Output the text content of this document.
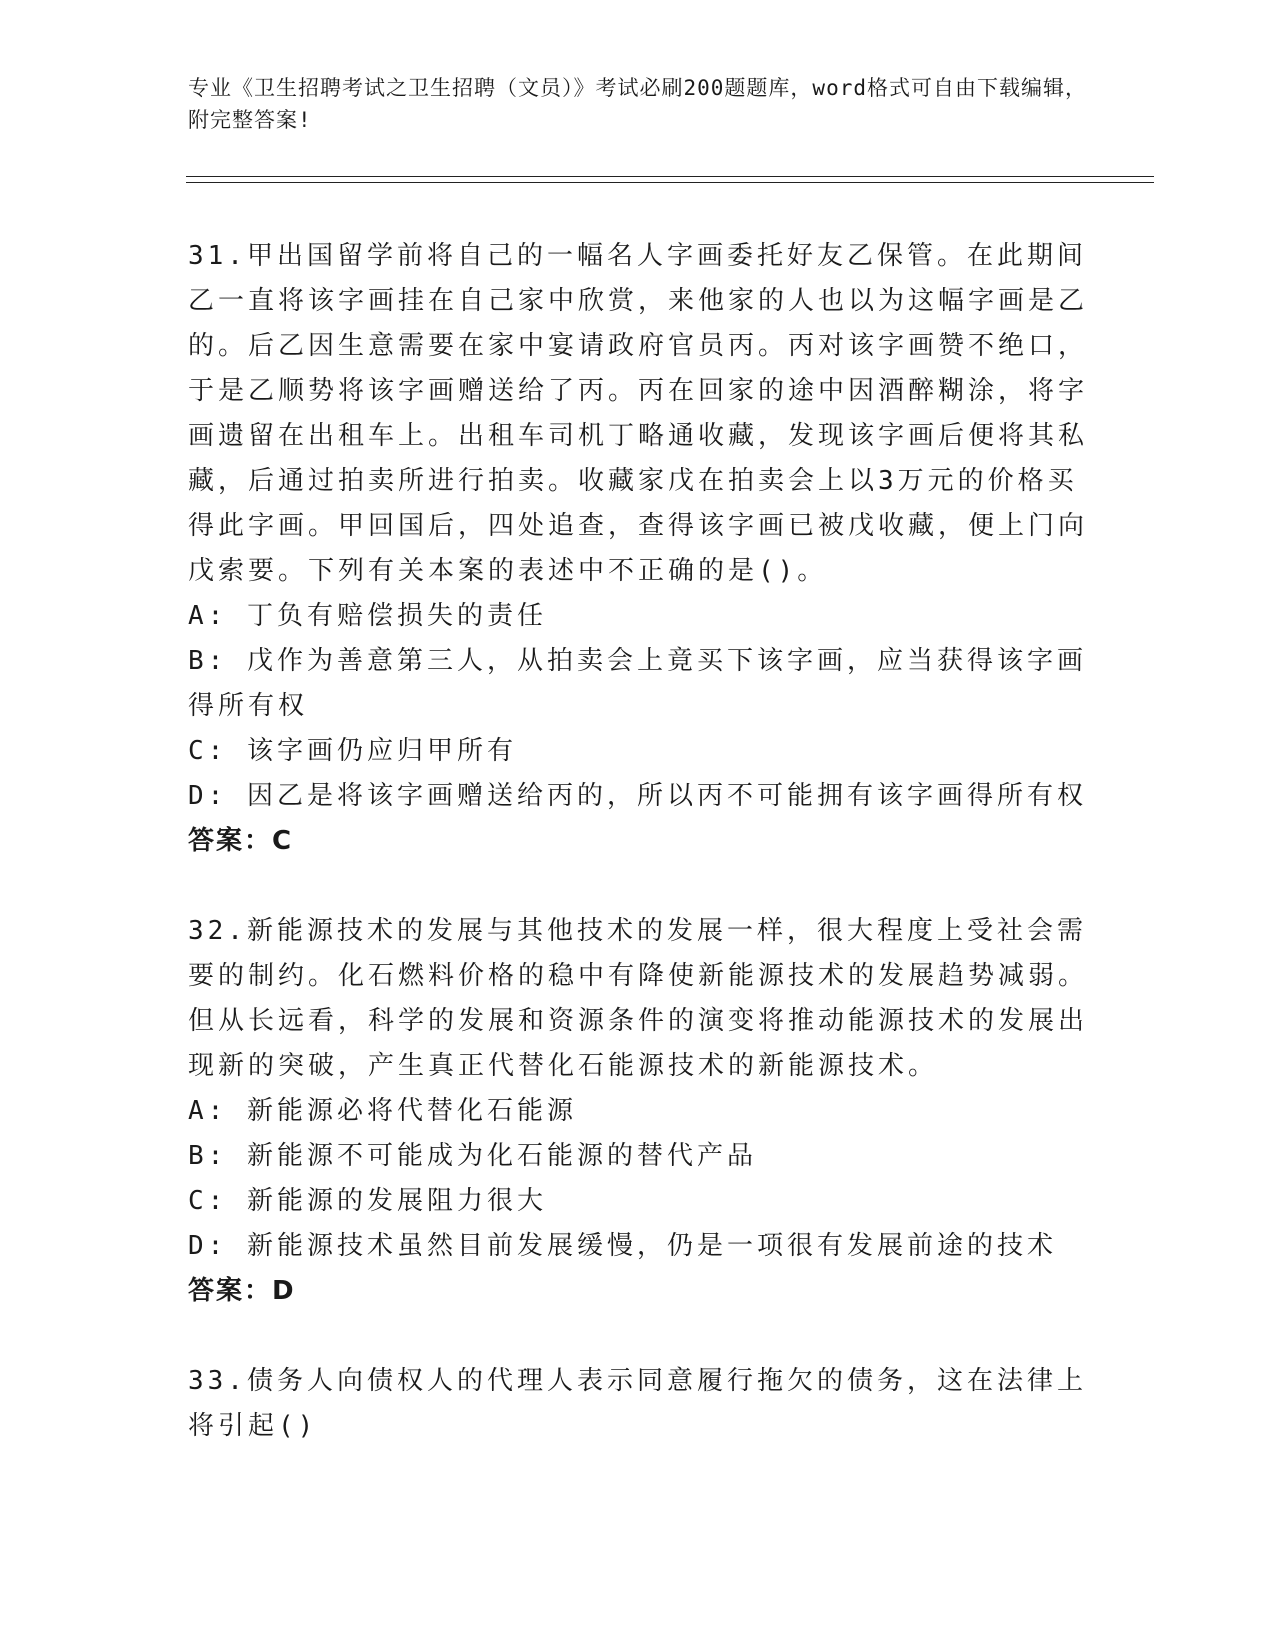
专业《卫生招聘考试之卫生招聘（文员）》考试必刷200题题库，word格式可自由下载编辑，附完整答案!

31.甲出国留学前将自己的一幅名人字画委托好友乙保管。在此期间乙一直将该字画挂在自己家中欣赏，来他家的人也以为这幅字画是乙的。后乙因生意需要在家中宴请政府官员丙。丙对该字画赞不绝口，于是乙顺势将该字画赠送给了丙。丙在回家的途中因酒醉糊涂，将字画遗留在出租车上。出租车司机丁略通收藏，发现该字画后便将其私藏，后通过拍卖所进行拍卖。收藏家戊在拍卖会上以3万元的价格买得此字画。甲回国后，四处追查，查得该字画已被戊收藏，便上门向戊索要。下列有关本案的表述中不正确的是()。

A: 丁负有赔偿损失的责任

B: 戊作为善意第三人，从拍卖会上竟买下该字画，应当获得该字画得所有权

C: 该字画仍应归甲所有

D: 因乙是将该字画赠送给丙的，所以丙不可能拥有该字画得所有权

答案：C

32.新能源技术的发展与其他技术的发展一样，很大程度上受社会需要的制约。化石燃料价格的稳中有降使新能源技术的发展趋势减弱。但从长远看，科学的发展和资源条件的演变将推动能源技术的发展出现新的突破，产生真正代替化石能源技术的新能源技术。

A: 新能源必将代替化石能源

B: 新能源不可能成为化石能源的替代产品

C: 新能源的发展阻力很大

D: 新能源技术虽然目前发展缓慢，仍是一项很有发展前途的技术

答案：D

33.债务人向债权人的代理人表示同意履行拖欠的债务，这在法律上将引起()
